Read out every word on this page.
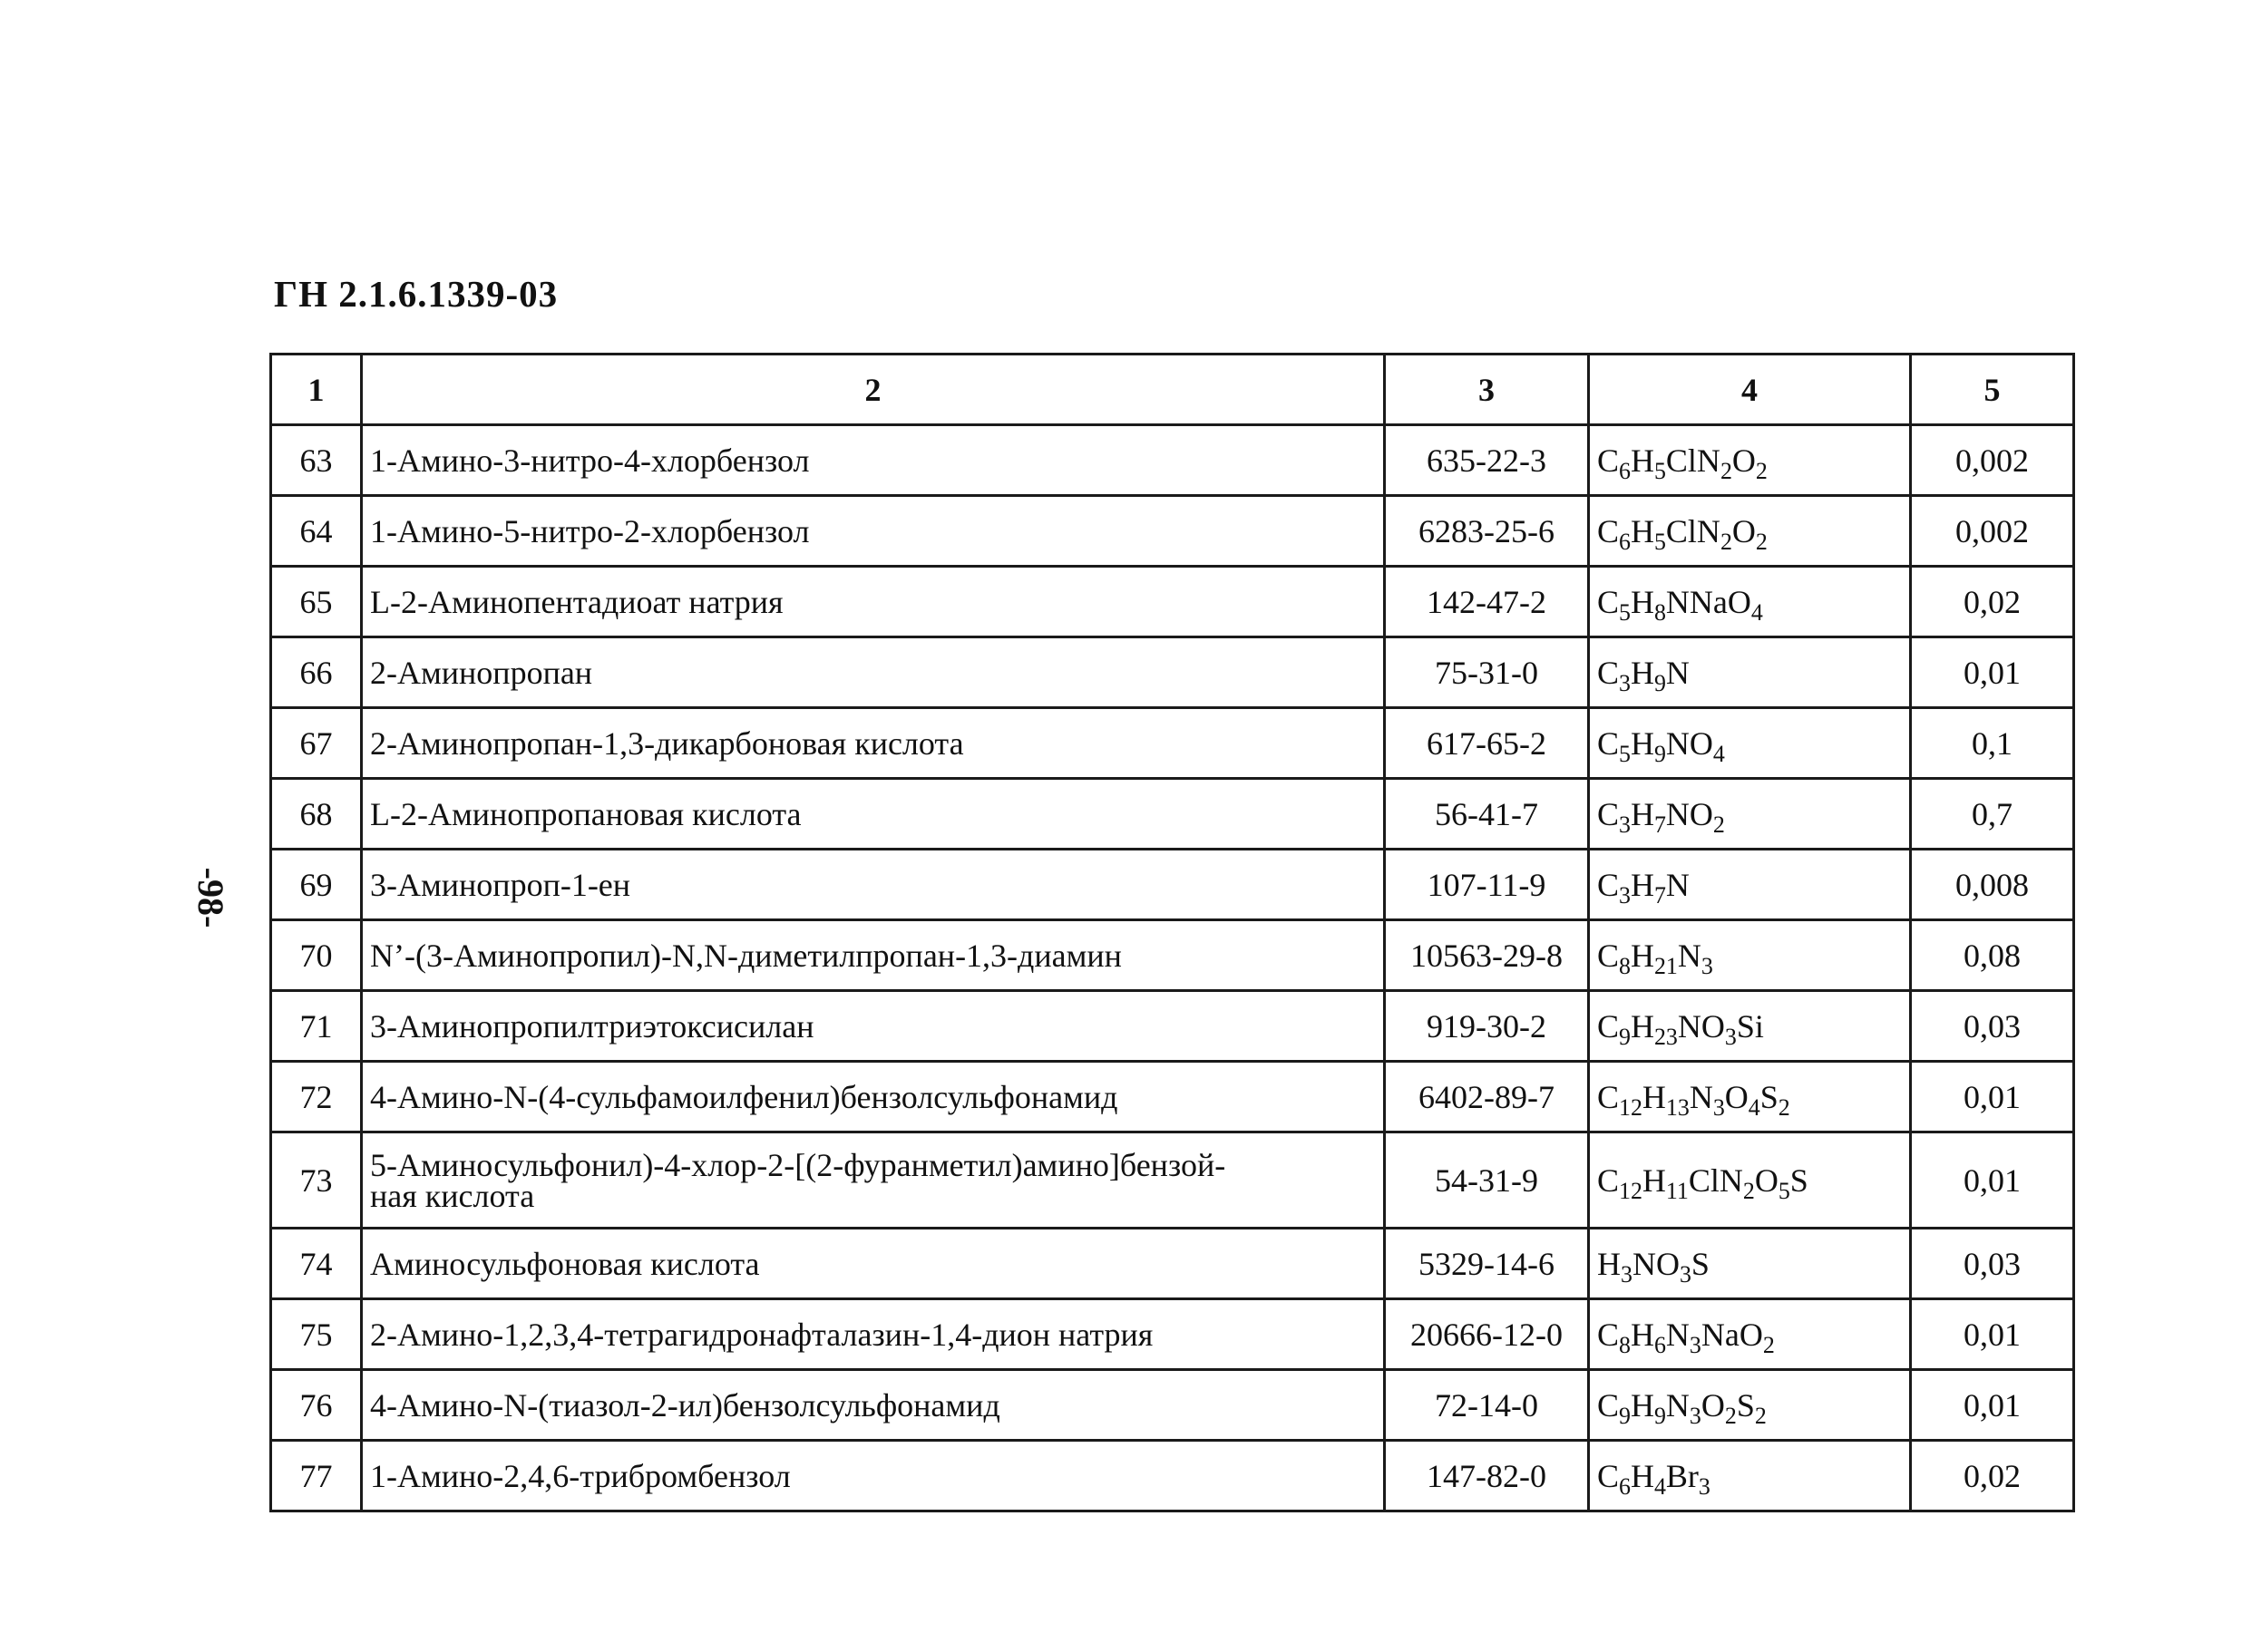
ГН 2.1.6.1339-03
-98-
1	2	3	4	5
63	1-Амино-3-нитро-4-хлорбензол	635-22-3	$C_6H_5ClN_2O_2$	0,002
64	1-Амино-5-нитро-2-хлорбензол	6283-25-6	$C_6H_5ClN_2O_2$	0,002
65	L-2-Аминопентадиоат натрия	142-47-2	$C_5H_8NNaO_4$	0,02
66	2-Аминопропан	75-31-0	$C_3H_9N$	0,01
67	2-Аминопропан-1,3-дикарбоновая кислота	617-65-2	$C_5H_9NO_4$	0,1
68	L-2-Аминопропановая кислота	56-41-7	$C_3H_7NO_2$	0,7
69	3-Аминопроп-1-ен	107-11-9	$C_3H_7N$	0,008
70	N’-(3-Аминопропил)-N,N-диметилпропан-1,3-диамин	10563-29-8	$C_8H_{21}N_3$	0,08
71	3-Аминопропилтриэтоксисилан	919-30-2	$C_9H_{23}NO_3Si$	0,03
72	4-Амино-N-(4-сульфамоилфенил)бензолсульфонамид	6402-89-7	$C_{12}H_{13}N_3O_4S_2$	0,01
73	5-Аминосульфонил)-4-хлор-2-[(2-фуранметил)амино]бензой-
ная кислота	54-31-9	$C_{12}H_{11}ClN_2O_5S$	0,01
74	Аминосульфоновая кислота	5329-14-6	$H_3NO_3S$	0,03
75	2-Амино-1,2,3,4-тетрагидронафталазин-1,4-дион натрия	20666-12-0	$C_8H_6N_3NaO_2$	0,01
76	4-Амино-N-(тиазол-2-ил)бензолсульфонамид	72-14-0	$C_9H_9N_3O_2S_2$	0,01
77	1-Амино-2,4,6-трибромбензол	147-82-0	$C_6H_4Br_3$	0,02
